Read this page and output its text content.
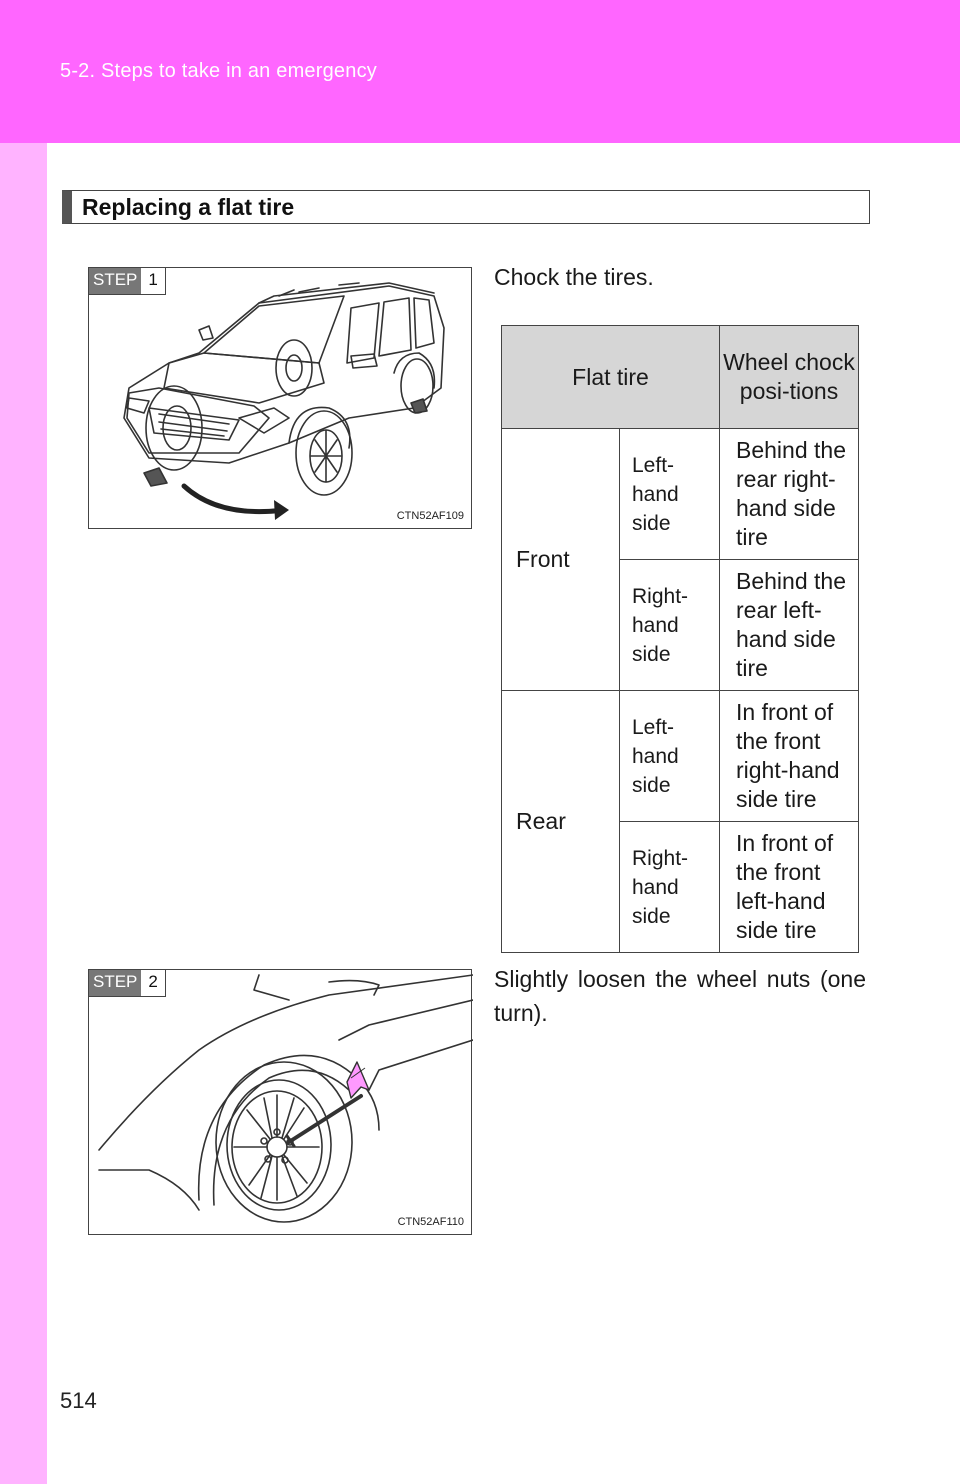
5-2. Steps to take in an emergency
Replacing a flat tire
STEP 1
CTN52AF109
Chock the tires.
Flat tire		Wheel chock posi-tions
Front	Left-hand side	Behind the rear right-hand side tire
	Right-hand side	Behind the rear left-hand side tire
Rear	Left-hand side	In front of the front right-hand side tire
	Right-hand side	In front of the front left-hand side tire
STEP 2
CTN52AF110
Slightly loosen the wheel nuts (one turn).
514
